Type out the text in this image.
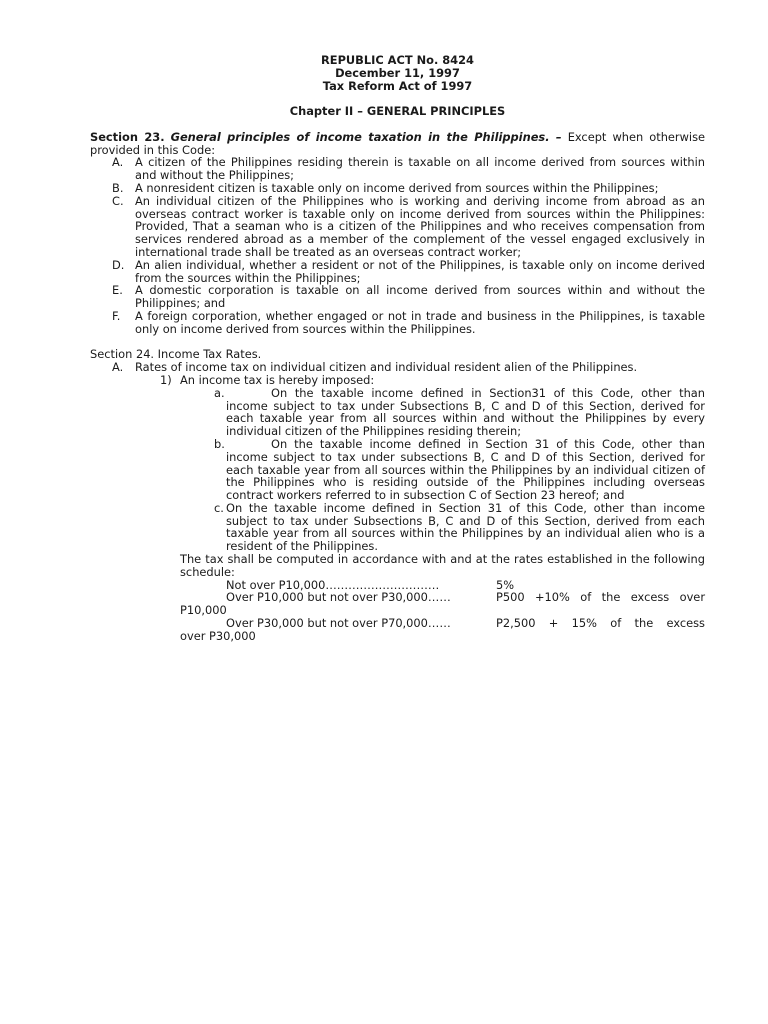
REPUBLIC ACT No. 8424
December 11, 1997
Tax Reform Act of 1997
Chapter II – GENERAL PRINCIPLES
Section 23. General principles of income taxation in the Philippines. – Except when otherwise provided in this Code:
A. A citizen of the Philippines residing therein is taxable on all income derived from sources within and without the Philippines;
B. A nonresident citizen is taxable only on income derived from sources within the Philippines;
C. An individual citizen of the Philippines who is working and deriving income from abroad as an overseas contract worker is taxable only on income derived from sources within the Philippines: Provided, That a seaman who is a citizen of the Philippines and who receives compensation from services rendered abroad as a member of the complement of the vessel engaged exclusively in international trade shall be treated as an overseas contract worker;
D. An alien individual, whether a resident or not of the Philippines, is taxable only on income derived from the sources within the Philippines;
E. A domestic corporation is taxable on all income derived from sources within and without the Philippines; and
F. A foreign corporation, whether engaged or not in trade and business in the Philippines, is taxable only on income derived from sources within the Philippines.
Section 24. Income Tax Rates.
A. Rates of income tax on individual citizen and individual resident alien of the Philippines.
1) An income tax is hereby imposed:
a.	On the taxable income defined in Section31 of this Code, other than income subject to tax under Subsections B, C and D of this Section, derived for each taxable year from all sources within and without the Philippines by every individual citizen of the Philippines residing therein;
b.	On the taxable income defined in Section 31 of this Code, other than income subject to tax under subsections B, C and D of this Section, derived for each taxable year from all sources within the Philippines by an individual citizen of the Philippines who is residing outside of the Philippines including overseas contract workers referred to in subsection C of Section 23 hereof; and
c. On the taxable income defined in Section 31 of this Code, other than income subject to tax under Subsections B, C and D of this Section, derived from each taxable year from all sources within the Philippines by an individual alien who is a resident of the Philippines.
The tax shall be computed in accordance with and at the rates established in the following schedule:
Not over P10,000…………………………	5%
Over P10,000 but not over P30,000……	P500 +10% of the excess over
P10,000
Over P30,000 but not over P70,000……	P2,500 + 15% of the excess
over P30,000
